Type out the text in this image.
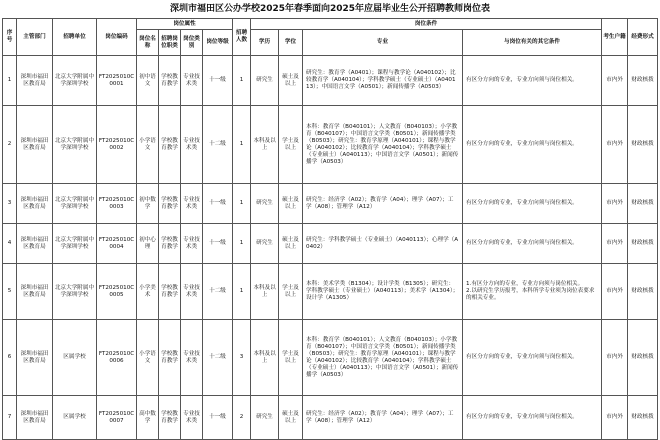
深圳市福田区公办学校2025年春季面向2025年应届毕业生公开招聘教师岗位表
序号	主管部门	招聘单位	岗位编码	岗位属性				招聘人数	岗位条件				考生户籍	经费形式
				岗位名称	招聘岗位职类	岗位类别	岗位等级		学历	学位	专业	与岗位有关的其它条件		
1	深圳市福田区教育局	北京大学附属中学深圳学校	FT2025010C0001	初中语文	学校教育教学	专业技术类	十一级	1	研究生	硕士及以上	研究生：教育学（A0401）；课程与教学论（A040102）；比较教育学（A040104）；学科教学硕士（专业硕士）（A040113）；中国语言文学（A0501）；新闻传播学（A0503）	有区分方向的专业，专业方向须与岗位相关。	市内外	财政核拨
2	深圳市福田区教育局	北京大学附属中学深圳学校	FT2025010C0002	小学语文	学校教育教学	专业技术类	十二级	1	本科及以上	学士及以上	本科：教育学（B040101）；人文教育（B040103）；小学教育（B040107）；中国语言文学类（B0501）；新闻传播学类（B0503）；研究生：教育学原理（A040101）；课程与教学论（A040102）；比较教育学（A040104）；学科教学硕士（专业硕士）（A040113）；中国语言文学（A0501）；新闻传播学（A0503）	有区分方向的专业，专业方向须与岗位相关。	市内外	财政核拨
3	深圳市福田区教育局	北京大学附属中学深圳学校	FT2025010C0003	初中数学	学校教育教学	专业技术类	十一级	1	研究生	硕士及以上	研究生：经济学（A02）；教育学（A04）；理学（A07）；工学（A08）；管理学（A12）	有区分方向的专业，专业方向须与岗位相关。	市内外	财政核拨
4	深圳市福田区教育局	北京大学附属中学深圳学校	FT2025010C0004	初中心理	学校教育教学	专业技术类	十一级	1	研究生	硕士及以上	研究生：学科教学硕士（专业硕士）（A040113）；心理学（A0402）	有区分方向的专业，专业方向须与岗位相关。	市内外	财政核拨
5	深圳市福田区教育局	北京大学附属中学深圳学校	FT2025010C0005	小学美术	学校教育教学	专业技术类	十二级	1	本科及以上	学士及以上	本科：美术学类（B1304）；设计学类（B1305）；研究生：学科教学硕士（专业硕士）（A040113）；美术学（A1304）；设计学（A1305）	1.有区分方向的专业，专业方向须与岗位相关。
2.以研究生学历报考，本科所学专业须为岗位表要求的相关专业。	市内外	财政核拨
6	深圳市福田区教育局	区属学校	FT2025010C0006	小学语文	学校教育教学	专业技术类	十二级	3	本科及以上	学士及以上	本科：教育学（B040101）；人文教育（B040103）；小学教育（B040107）；中国语言文学类（B0501）；新闻传播学类（B0503）；研究生：教育学原理（A040101）；课程与教学论（A040102）；比较教育学（A040104）；学科教学硕士（专业硕士）（A040113）；中国语言文学（A0501）；新闻传播学（A0503）	有区分方向的专业，专业方向须与岗位相关。	市内外	财政核拨
7	深圳市福田区教育局	区属学校	FT2025010C0007	高中数学	学校教育教学	专业技术类	十一级	2	研究生	硕士及以上	研究生：经济学（A02）；教育学（A04）；理学（A07）；工学（A08）；管理学（A12）	有区分方向的专业，专业方向须与岗位相关。	市内外	财政核拨
